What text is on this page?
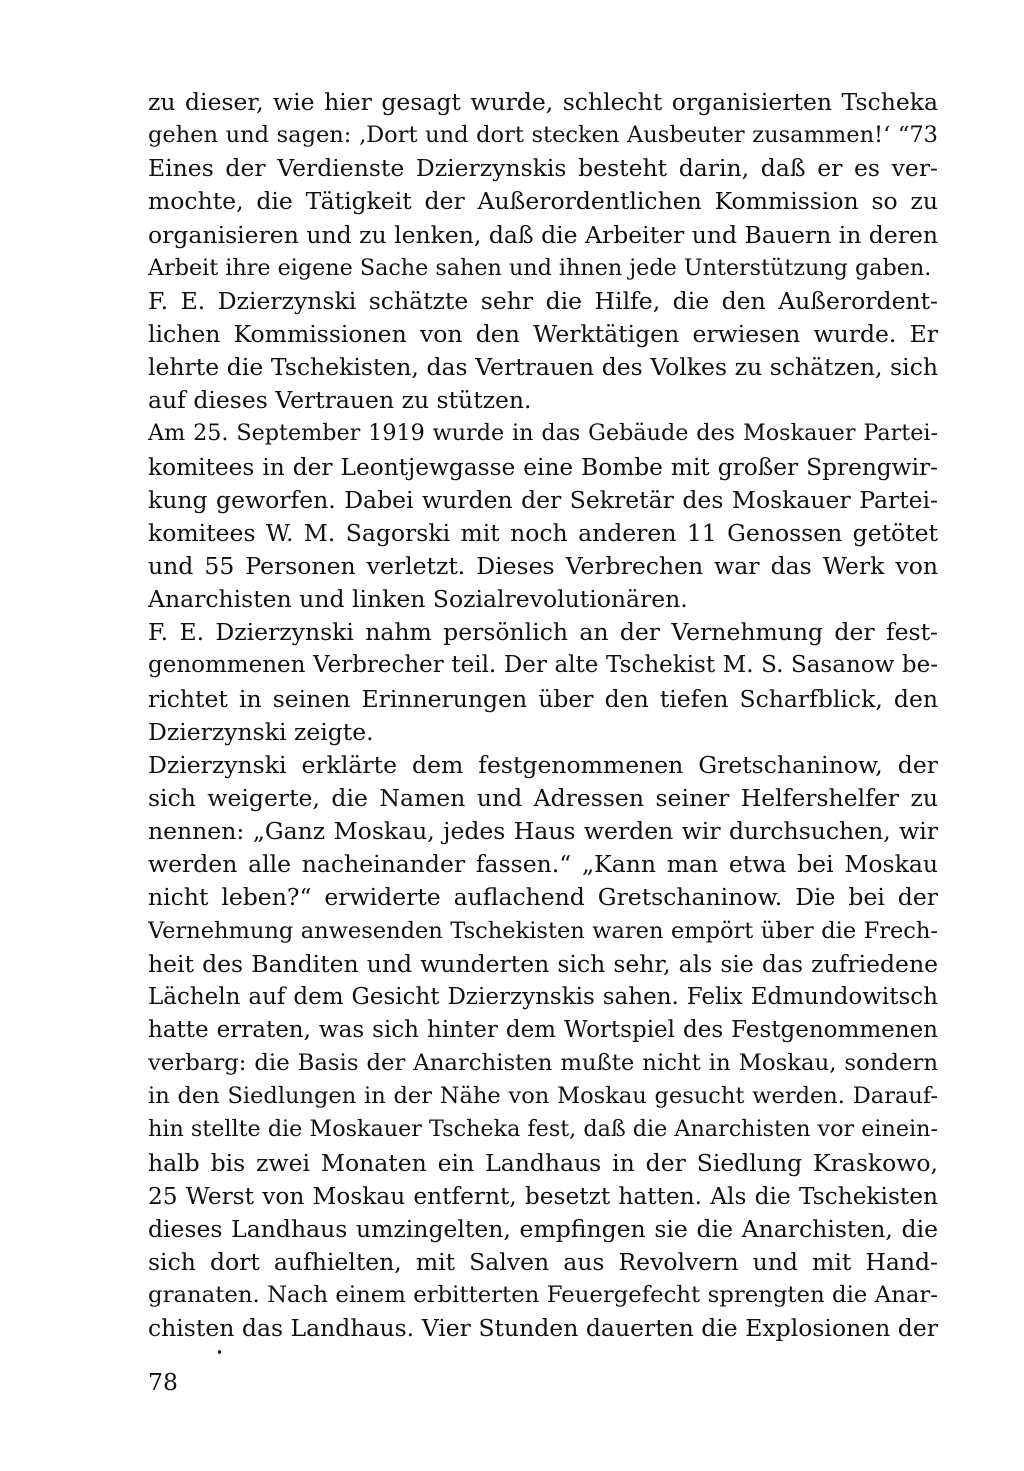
zu dieser, wie hier gesagt wurde, schlecht organisierten Tscheka
gehen und sagen: ‚Dort und dort stecken Ausbeuter zusammen!‘ “73
Eines der Verdienste Dzierzynskis besteht darin, daß er es ver-
mochte, die Tätigkeit der Außerordentlichen Kommission so zu
organisieren und zu lenken, daß die Arbeiter und Bauern in deren
Arbeit ihre eigene Sache sahen und ihnen jede Unterstützung gaben.
F. E. Dzierzynski schätzte sehr die Hilfe, die den Außerordent-
lichen Kommissionen von den Werktätigen erwiesen wurde. Er
lehrte die Tschekisten, das Vertrauen des Volkes zu schätzen, sich
auf dieses Vertrauen zu stützen.
Am 25. September 1919 wurde in das Gebäude des Moskauer Partei-
komitees in der Leontjewgasse eine Bombe mit großer Sprengwir-
kung geworfen. Dabei wurden der Sekretär des Moskauer Partei-
komitees W. M. Sagorski mit noch anderen 11 Genossen getötet
und 55 Personen verletzt. Dieses Verbrechen war das Werk von
Anarchisten und linken Sozialrevolutionären.
F. E. Dzierzynski nahm persönlich an der Vernehmung der fest-
genommenen Verbrecher teil. Der alte Tschekist M. S. Sasanow be-
richtet in seinen Erinnerungen über den tiefen Scharfblick, den
Dzierzynski zeigte.
Dzierzynski erklärte dem festgenommenen Gretschaninow, der
sich weigerte, die Namen und Adressen seiner Helfershelfer zu
nennen: „Ganz Moskau, jedes Haus werden wir durchsuchen, wir
werden alle nacheinander fassen.“ „Kann man etwa bei Moskau
nicht leben?“ erwiderte auflachend Gretschaninow. Die bei der
Vernehmung anwesenden Tschekisten waren empört über die Frech-
heit des Banditen und wunderten sich sehr, als sie das zufriedene
Lächeln auf dem Gesicht Dzierzynskis sahen. Felix Edmundowitsch
hatte erraten, was sich hinter dem Wortspiel des Festgenommenen
verbarg: die Basis der Anarchisten mußte nicht in Moskau, sondern
in den Siedlungen in der Nähe von Moskau gesucht werden. Darauf-
hin stellte die Moskauer Tscheka fest, daß die Anarchisten vor einein-
halb bis zwei Monaten ein Landhaus in der Siedlung Kraskowo,
25 Werst von Moskau entfernt, besetzt hatten. Als die Tschekisten
dieses Landhaus umzingelten, empfingen sie die Anarchisten, die
sich dort aufhielten, mit Salven aus Revolvern und mit Hand-
granaten. Nach einem erbitterten Feuergefecht sprengten die Anar-
chisten das Landhaus. Vier Stunden dauerten die Explosionen der
78
